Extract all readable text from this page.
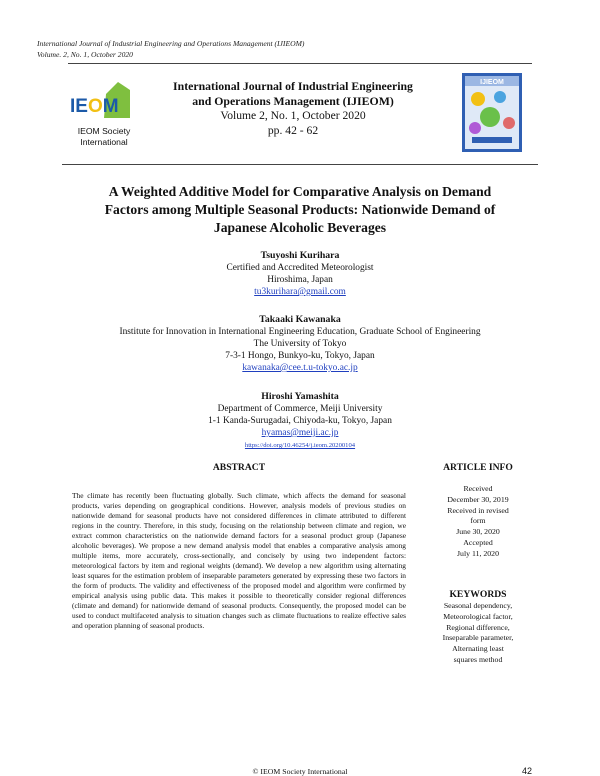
International Journal of Industrial Engineering and Operations Management (IJIEOM)
Volume. 2, No. 1, October 2020
IEOM
IEOM Society
International
International Journal of Industrial Engineering
and Operations Management (IJIEOM)
Volume 2, No. 1, October 2020
pp. 42 - 62
IJIEOM
A Weighted Additive Model for Comparative Analysis on Demand
Factors among Multiple Seasonal Products: Nationwide Demand of
Japanese Alcoholic Beverages
Tsuyoshi Kurihara
Certified and Accredited Meteorologist
Hiroshima, Japan
tu3kurihara@gmail.com
Takaaki Kawanaka
Institute for Innovation in International Engineering Education, Graduate School of Engineering
The University of Tokyo
7-3-1 Hongo, Bunkyo-ku, Tokyo, Japan
kawanaka@cee.t.u-tokyo.ac.jp
Hiroshi Yamashita
Department of Commerce, Meiji University
1-1 Kanda-Surugadai, Chiyoda-ku, Tokyo, Japan
hyamas@meiji.ac.jp
https://doi.org/10.46254/j.ieom.20200104
ABSTRACT
The climate has recently been fluctuating globally. Such climate, which affects the demand for seasonal products, varies depending on geographical conditions. However, analysis models of previous studies on nationwide demand for seasonal products have not considered differences in climate attributed to different regions in the country. Therefore, in this study, focusing on the relationship between climate and region, we extract common characteristics on the nationwide demand factors for a seasonal product group (Japanese alcoholic beverages). We propose a new demand analysis model that enables a comparative analysis among multiple items, more accurately, cross-sectionally, and concisely by using two independent factors: meteorological factors by item and regional weights (demand). We develop a new algorithm using alternating least squares for the estimation problem of inseparable parameters generated by expressing these two factors in the form of products. The validity and effectiveness of the proposed model and algorithm were confirmed by empirical analysis using public data. This makes it possible to theoretically consider regional differences (climate and demand) for nationwide demand of seasonal products. Consequently, the proposed model can be used to conduct multifaceted analysis to situation changes such as climate fluctuations to realize effective sales and operation planning of seasonal products.
ARTICLE INFO
Received
December 30, 2019
Received in revised
form
June 30, 2020
Accepted
July 11, 2020
KEYWORDS
Seasonal dependency,
Meteorological factor,
Regional difference,
Inseparable parameter,
Alternating least
squares method
© IEOM Society International	42
